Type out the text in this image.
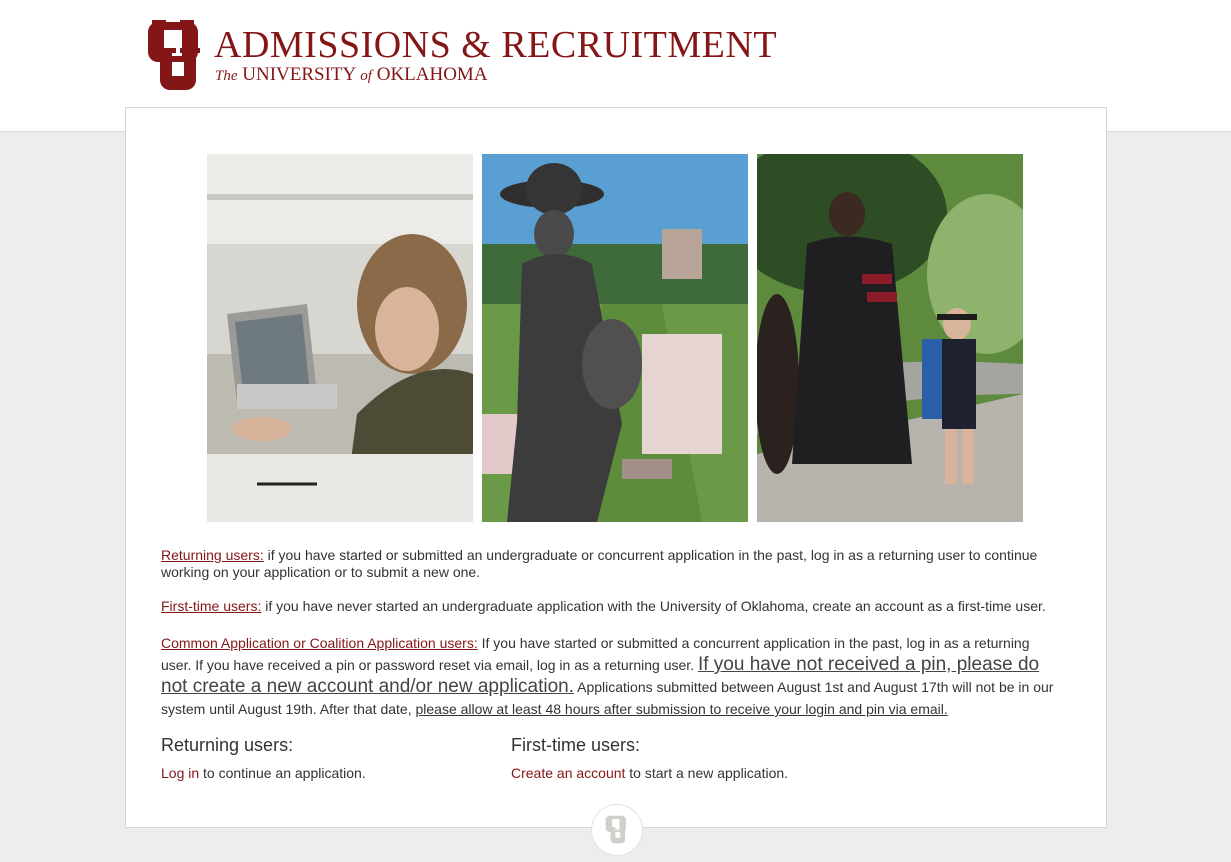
ADMISSIONS & RECRUITMENT
The UNIVERSITY of OKLAHOMA
Returning users: if you have started or submitted an undergraduate or concurrent application in the past, log in as a returning user to continue working on your application or to submit a new one.
First-time users: if you have never started an undergraduate application with the University of Oklahoma, create an account as a first-time user.
Common Application or Coalition Application users: If you have started or submitted a concurrent application in the past, log in as a returning user. If you have received a pin or password reset via email, log in as a returning user. If you have not received a pin, please do not create a new account and/or new application. Applications submitted between August 1st and August 17th will not be in our system until August 19th. After that date, please allow at least 48 hours after submission to receive your login and pin via email.
Returning users:
Log in to continue an application.
First-time users:
Create an account to start a new application.
